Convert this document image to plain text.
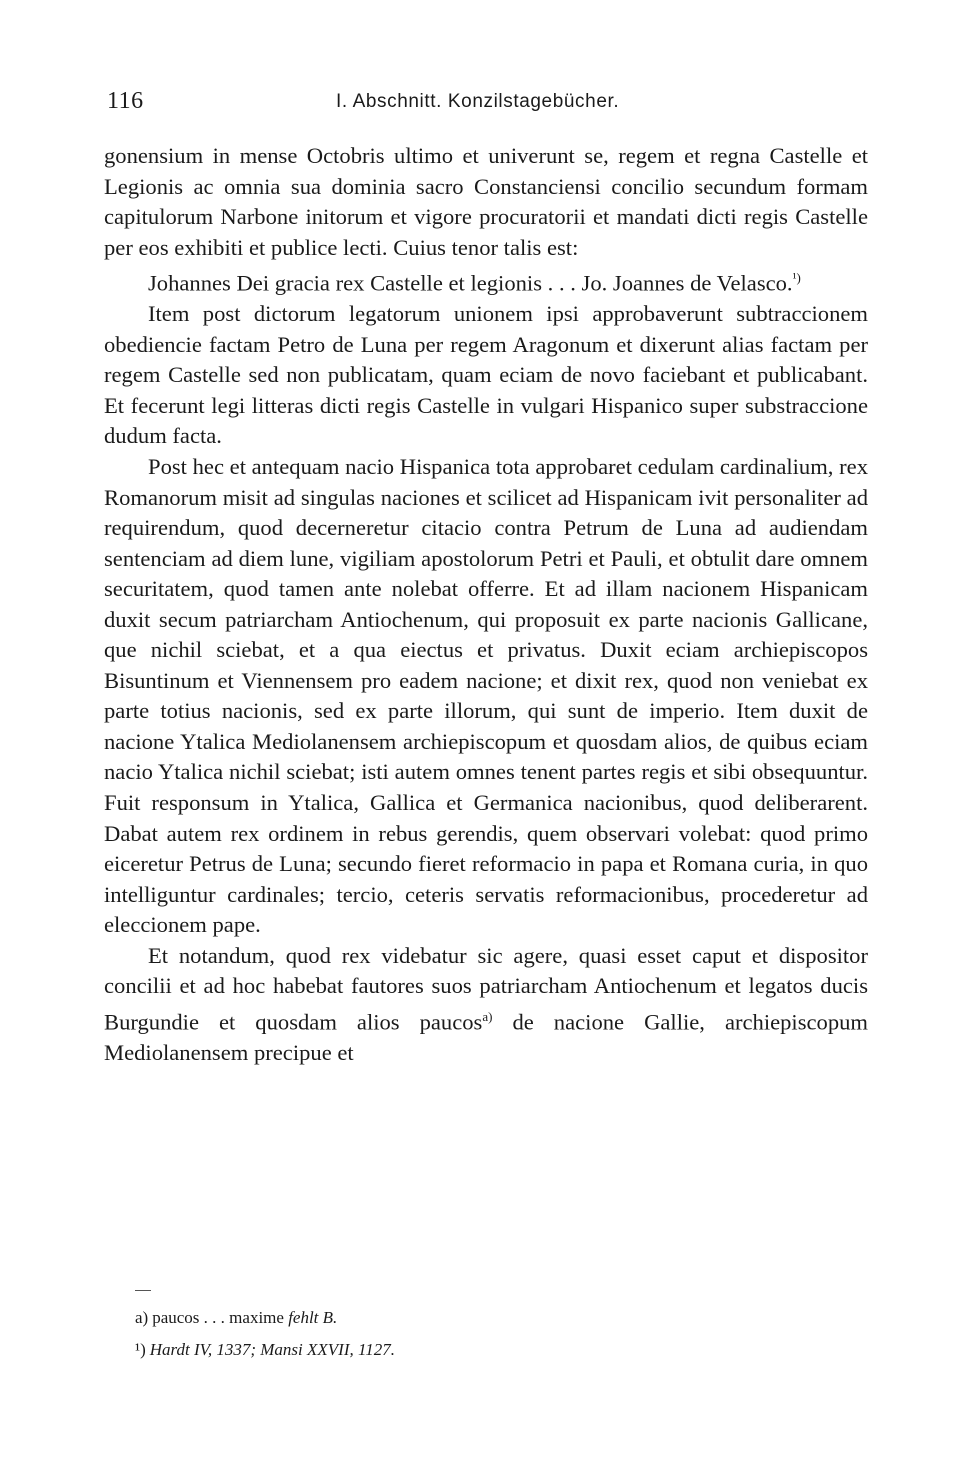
116	I. Abschnitt. Konzilstagebücher.

gonensium in mense Octobris ultimo et univerunt se, regem et regna Castelle et Legionis ac omnia sua dominia sacro Constanciensi concilio secundum formam capitulorum Narbone initorum et vigore procuratorii et mandati dicti regis Castelle per eos exhibiti et publice lecti. Cuius tenor talis est:

Johannes Dei gracia rex Castelle et legionis . . . Jo. Joannes de Velasco.$^{^1)}$

Item post dictorum legatorum unionem ipsi approbaverunt subtraccionem obediencie factam Petro de Luna per regem Aragonum et dixerunt alias factam per regem Castelle sed non publicatam, quam eciam de novo faciebant et publicabant. Et fecerunt legi litteras dicti regis Castelle in vulgari Hispanico super substraccione dudum facta.

Post hec et antequam nacio Hispanica tota approbaret cedulam cardinalium, rex Romanorum misit ad singulas naciones et scilicet ad Hispanicam ivit personaliter ad requirendum, quod decerneretur citacio contra Petrum de Luna ad audiendam sentenciam ad diem lune, vigiliam apostolorum Petri et Pauli, et obtulit dare omnem securitatem, quod tamen ante nolebat offerre. Et ad illam nacionem Hispanicam duxit secum patriarcham Antiochenum, qui proposuit ex parte nacionis Gallicane, que nichil sciebat, et a qua eiectus et privatus. Duxit eciam archiepiscopos Bisuntinum et Viennensem pro eadem nacione; et dixit rex, quod non veniebat ex parte totius nacionis, sed ex parte illorum, qui sunt de imperio. Item duxit de nacione Ytalica Mediolanensem archiepiscopum et quosdam alios, de quibus eciam nacio Ytalica nichil sciebat; isti autem omnes tenent partes regis et sibi obsequuntur. Fuit responsum in Ytalica, Gallica et Germanica nacionibus, quod deliberarent. Dabat autem rex ordinem in rebus gerendis, quem observari volebat: quod primo eiceretur Petrus de Luna; secundo fieret reformacio in papa et Romana curia, in quo intelliguntur cardinales; tercio, ceteris servatis reformacionibus, procederetur ad eleccionem pape.

Et notandum, quod rex videbatur sic agere, quasi esset caput et dispositor concilii et ad hoc habebat fautores suos patriarcham Antiochenum et legatos ducis Burgundie et quosdam alios paucos$^{a)}$ de nacione Gallie, archiepiscopum Mediolanensem precipue et

a) paucos . . . maxime fehlt B.

¹) Hardt IV, 1337; Mansi XXVII, 1127.
